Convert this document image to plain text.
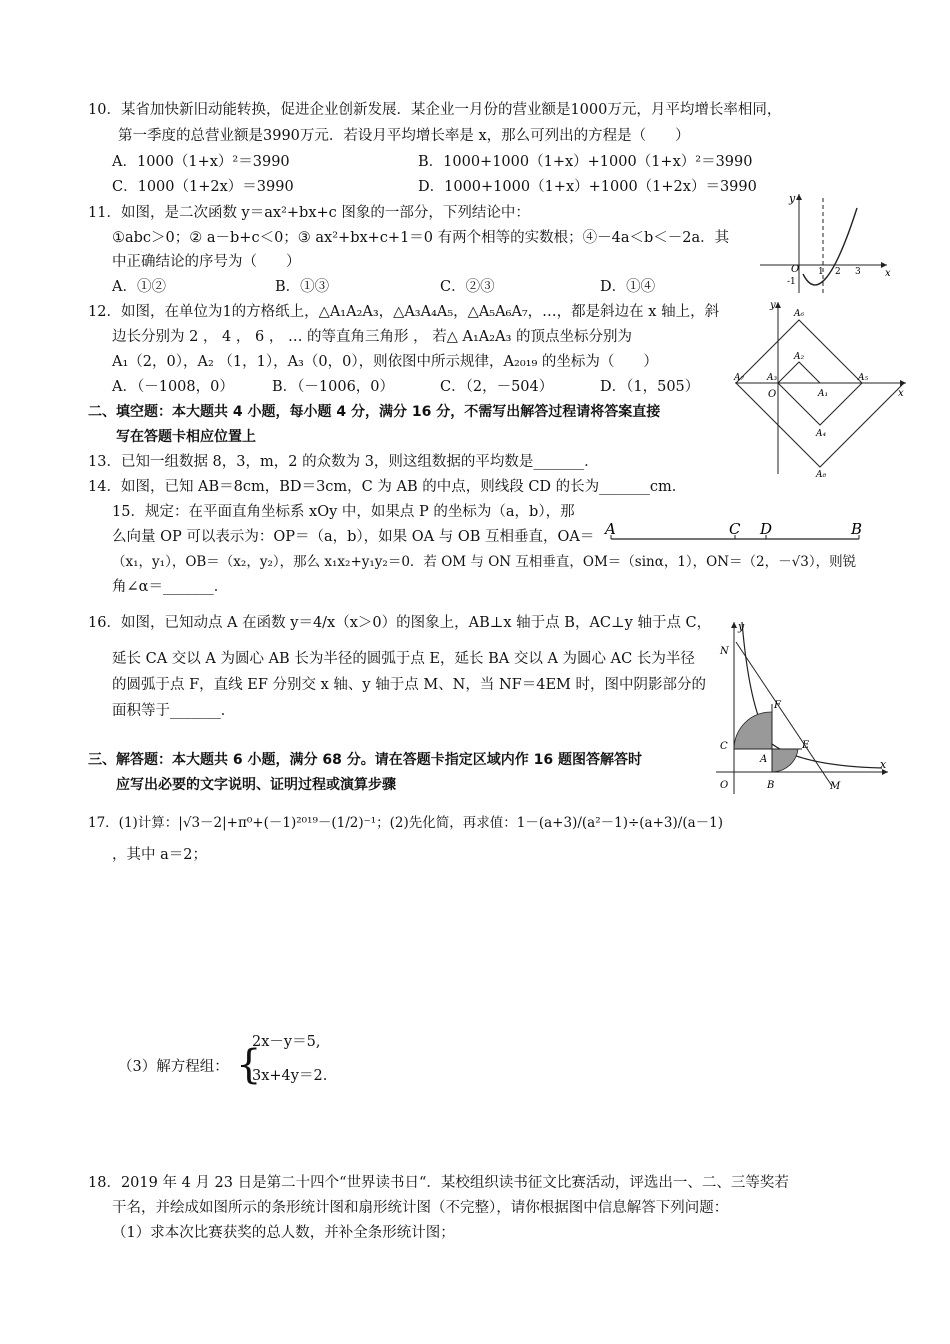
10．某省加快新旧动能转换，促进企业创新发展．某企业一月份的营业额是1000万元，月平均增长率相同，
第一季度的总营业额是3990万元．若设月平均增长率是 x，那么可列出的方程是（　　）
A．1000（1+x）²＝3990	B．1000+1000（1+x）+1000（1+x）²＝3990
C．1000（1+2x）＝3990	D．1000+1000（1+x）+1000（1+2x）＝3990
11．如图，是二次函数 y＝ax²+bx+c 图象的一部分，下列结论中：
①abc＞0；② a－b+c＜0；③ ax²+bx+c+1＝0 有两个相等的实数根；④－4a＜b＜－2a．其
中正确结论的序号为（　　）
A．①②	B．①③	C．②③	D．①④
y
O 1 2 3 x
-1
12．如图，在单位为1的方格纸上，△A₁A₂A₃，△A₃A₄A₅，△A₅A₆A₇，…，都是斜边在 x 轴上，斜
边长分别为 2 ， 4 ， 6 ， … 的等直角三角形 ， 若△ A₁A₂A₃ 的顶点坐标分别为
A₁（2，0），A₂ （1，1），A₃（0，0），则依图中所示规律，A₂₀₁₉ 的坐标为（　　）
A．（－1008，0）	B．（－1006，0）	C．（2，－504）	D．（1，505）
y
x
O
A₆
A₂
A₇	A₃	A₅
A₁
A₄
A₈
二、填空题：本大题共 4 小题，每小题 4 分，满分 16 分，不需写出解答过程请将答案直接
写在答题卡相应位置上
13．已知一组数据 8，3，m，2 的众数为 3，则这组数据的平均数是_______．
14．如图，已知 AB＝8cm，BD＝3cm，C 为 AB 的中点，则线段 CD 的长为_______cm．
A	C D	B
15．规定：在平面直角坐标系 xOy 中，如果点 P 的坐标为（a，b），那
么向量 OP 可以表示为：OP＝（a，b），如果 OA 与 OB 互相垂直，OA＝
（x₁，y₁），OB＝（x₂，y₂），那么 x₁x₂+y₁y₂＝0．若 OM 与 ON 互相垂直，OM＝（sinα，1），ON＝（2，－√3），则锐
角∠α＝_______．
16．如图，已知动点 A 在函数 y＝4/x（x＞0）的图象上，AB⊥x 轴于点 B，AC⊥y 轴于点 C，
延长 CA 交以 A 为圆心 AB 长为半径的圆弧于点 E，延长 BA 交以 A 为圆心 AC 长为半径
的圆弧于点 F，直线 EF 分别交 x 轴、y 轴于点 M、N，当 NF＝4EM 时，图中阴影部分的
面积等于_______．
y
N
F
C	E
A
O	B	M
x
三、解答题：本大题共 6 小题，满分 68 分。请在答题卡指定区域内作 16 题图答解答时
应写出必要的文字说明、证明过程或演算步骤
17．(1)计算：|√3－2|+π⁰+(－1)²⁰¹⁹－(1/2)⁻¹；(2)先化简，再求值：1－(a+3)/(a²－1)÷(a+3)/(a－1)
，其中 a＝2；
（3）解方程组： {
2x－y＝5,
3x+4y＝2.
18．2019 年 4 月 23 日是第二十四个“世界读书日“．某校组织读书征文比赛活动，评选出一、二、三等奖若
干名，并绘成如图所示的条形统计图和扇形统计图（不完整），请你根据图中信息解答下列问题：
（1）求本次比赛获奖的总人数，并补全条形统计图；
